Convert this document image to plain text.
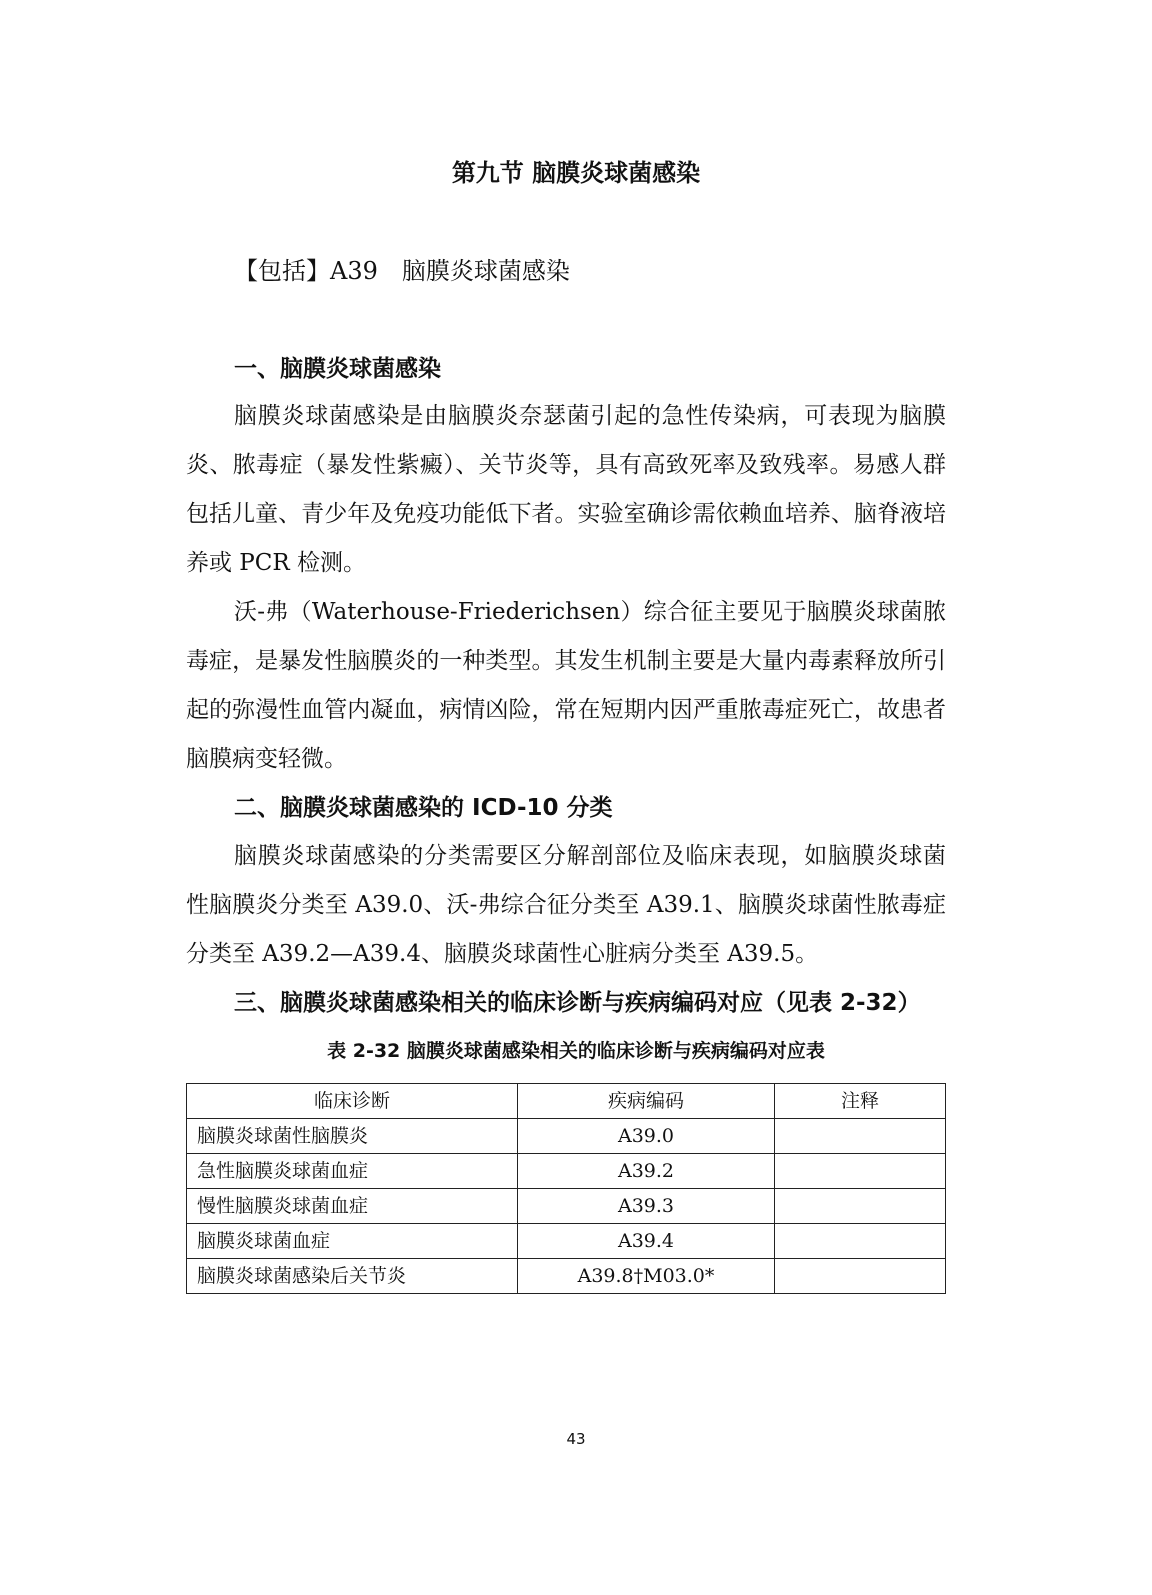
第九节 脑膜炎球菌感染

【包括】A39 脑膜炎球菌感染

一、脑膜炎球菌感染

脑膜炎球菌感染是由脑膜炎奈瑟菌引起的急性传染病，可表现为脑膜炎、脓毒症（暴发性紫癜）、关节炎等，具有高致死率及致残率。易感人群包括儿童、青少年及免疫功能低下者。实验室确诊需依赖血培养、脑脊液培养或 PCR 检测。

沃-弗（Waterhouse-Friederichsen）综合征主要见于脑膜炎球菌脓毒症，是暴发性脑膜炎的一种类型。其发生机制主要是大量内毒素释放所引起的弥漫性血管内凝血，病情凶险，常在短期内因严重脓毒症死亡，故患者脑膜病变轻微。

二、脑膜炎球菌感染的 ICD-10 分类

脑膜炎球菌感染的分类需要区分解剖部位及临床表现，如脑膜炎球菌性脑膜炎分类至 A39.0、沃-弗综合征分类至 A39.1、脑膜炎球菌性脓毒症分类至 A39.2—A39.4、脑膜炎球菌性心脏病分类至 A39.5。

三、脑膜炎球菌感染相关的临床诊断与疾病编码对应（见表 2-32）

表 2-32 脑膜炎球菌感染相关的临床诊断与疾病编码对应表

临床诊断	疾病编码	注释
脑膜炎球菌性脑膜炎	A39.0	
急性脑膜炎球菌血症	A39.2	
慢性脑膜炎球菌血症	A39.3	
脑膜炎球菌血症	A39.4	
脑膜炎球菌感染后关节炎	A39.8†M03.0*	

43
